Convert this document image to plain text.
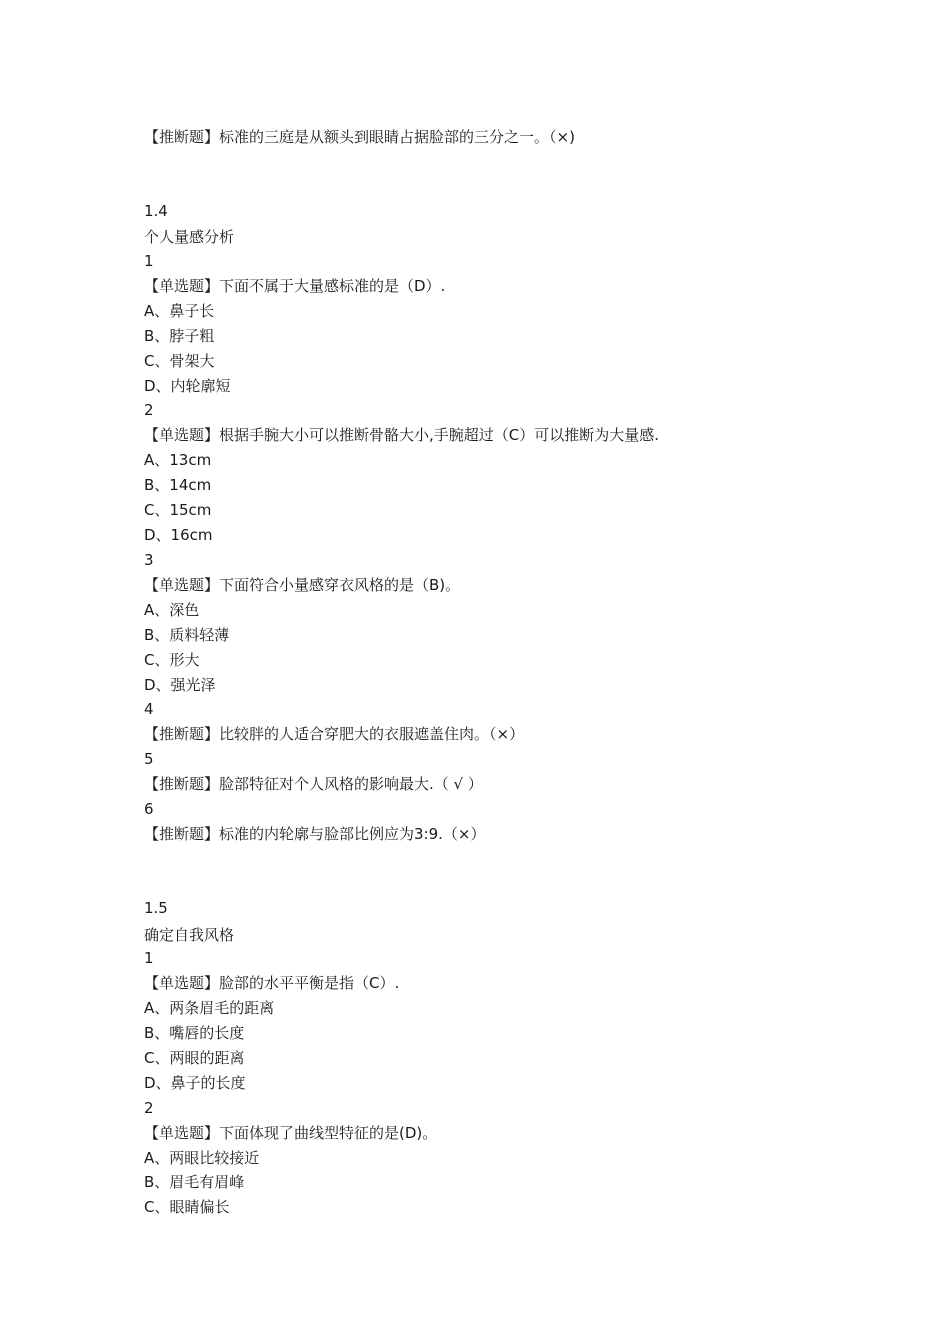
【推断题】标准的三庭是从额头到眼睛占据脸部的三分之一。（×)
1.4
个人量感分析
1
【单选题】下面不属于大量感标准的是（D）.
A、鼻子长
B、脖子粗
C、骨架大
D、内轮廓短
2
【单选题】根据手腕大小可以推断骨骼大小,手腕超过（C）可以推断为大量感.
A、13cm
B、14cm
C、15cm
D、16cm
3
【单选题】下面符合小量感穿衣风格的是（B)。
A、深色
B、质料轻薄
C、形大
D、强光泽
4
【推断题】比较胖的人适合穿肥大的衣服遮盖住肉。（×）
5
【推断题】脸部特征对个人风格的影响最大.（ √ ）
6
【推断题】标准的内轮廓与脸部比例应为3:9.（×）
1.5
确定自我风格
1
【单选题】脸部的水平平衡是指（C）.
A、两条眉毛的距离
B、嘴唇的长度
C、两眼的距离
D、鼻子的长度
2
【单选题】下面体现了曲线型特征的是(D)。
A、两眼比较接近
B、眉毛有眉峰
C、眼睛偏长
